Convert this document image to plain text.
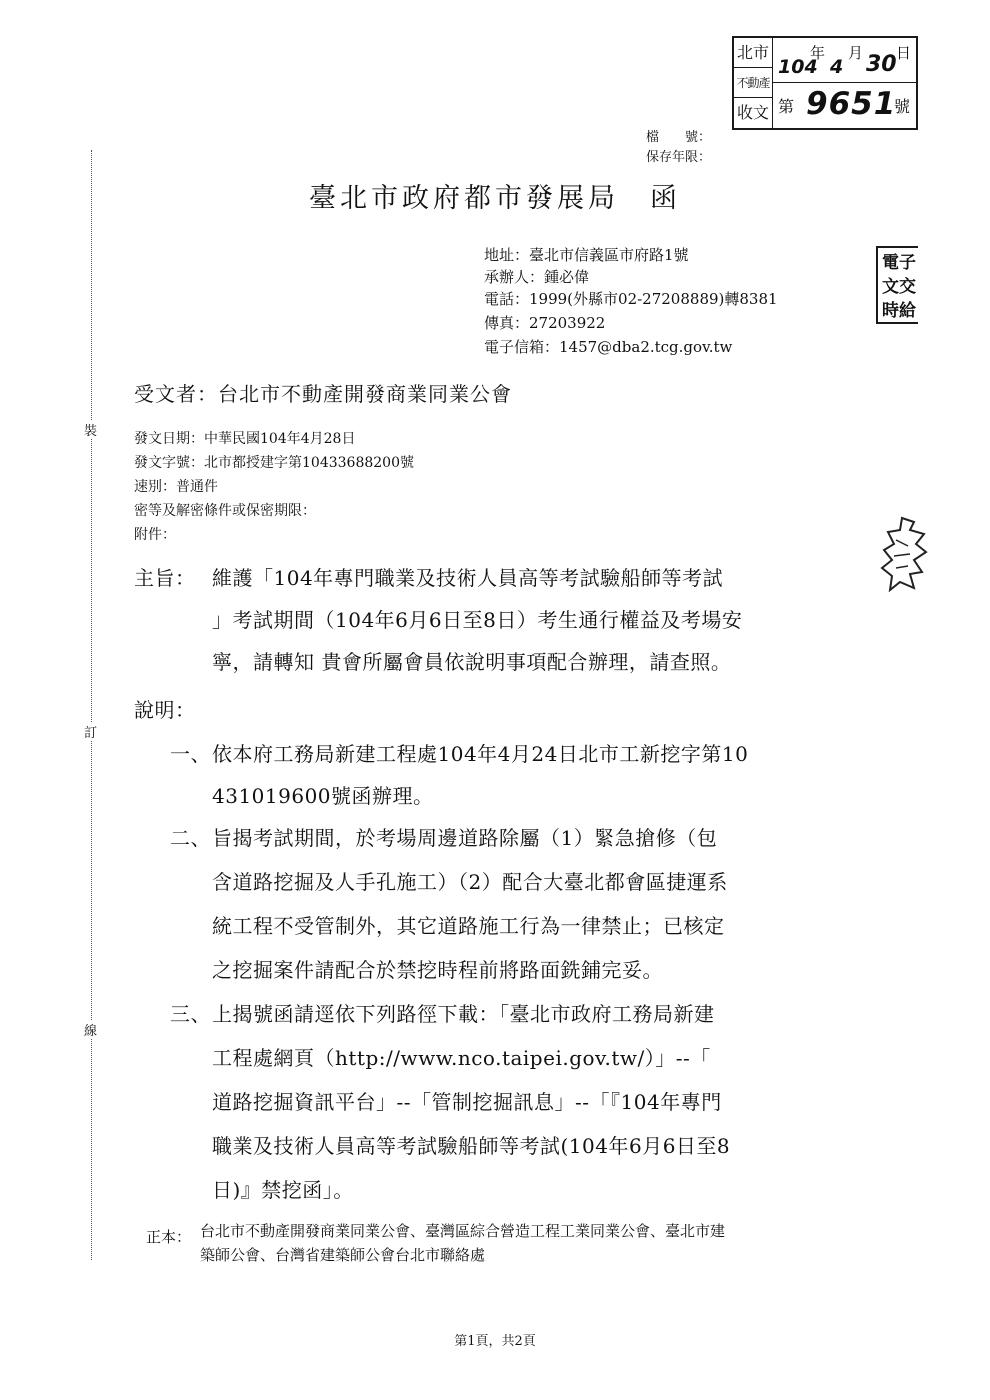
北市
不動產
收文
104
年
4
月 30 日
第 9651
號
檔　　號：
保存年限：
臺北市政府都市發展局　函
地址：臺北市信義區市府路1號
承辦人：鍾必偉
電話：1999(外縣市02-27208889)轉8381
傳真：27203922
電子信箱：1457@dba2.tcg.gov.tw
電子
文交
時給
裝
訂
線
受文者：台北市不動產開發商業同業公會
發文日期：中華民國104年4月28日
發文字號：北市都授建字第10433688200號
速別：普通件
密等及解密條件或保密期限：
附件：
主旨： 維護「104年專門職業及技術人員高等考試驗船師等考試
」考試期間（104年6月6日至8日）考生通行權益及考場安
寧，請轉知 貴會所屬會員依說明事項配合辦理，請查照。
說明：
一、 依本府工務局新建工程處104年4月24日北市工新挖字第10
431019600號函辦理。
二、 旨揭考試期間，於考場周邊道路除屬（1）緊急搶修（包
含道路挖掘及人手孔施工）（2）配合大臺北都會區捷運系
統工程不受管制外，其它道路施工行為一律禁止；已核定
之挖掘案件請配合於禁挖時程前將路面銑鋪完妥。
三、 上揭號函請逕依下列路徑下載：「臺北市政府工務局新建
工程處網頁（http://www.nco.taipei.gov.tw/）」--「
道路挖掘資訊平台」--「管制挖掘訊息」--「『104年專門
職業及技術人員高等考試驗船師等考試(104年6月6日至8
日)』禁挖函」。
正本： 台北市不動產開發商業同業公會、臺灣區綜合營造工程工業同業公會、臺北市建
築師公會、台灣省建築師公會台北市聯絡處
第1頁，共2頁
